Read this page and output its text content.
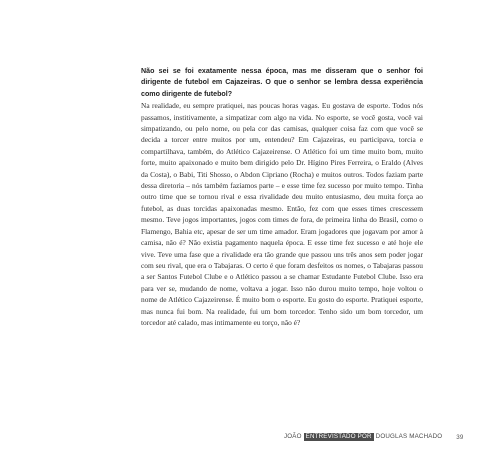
Não sei se foi exatamente nessa época, mas me disseram que o senhor foi dirigente de futebol em Cajazeiras. O que o senhor se lembra dessa experiência como dirigente de futebol?

Na realidade, eu sempre pratiquei, nas poucas horas vagas. Eu gostava de esporte. Todos nós passamos, institivamente, a simpatizar com algo na vida. No esporte, se você gosta, você vai simpatizando, ou pelo nome, ou pela cor das camisas, qualquer coisa faz com que você se decida a torcer entre muitos por um, entendeu? Em Cajazeiras, eu participava, torcia e compartilhava, também, do Atlético Cajazeirense. O Atlético foi um time muito bom, muito forte, muito apaixonado e muito bem dirigido pelo Dr. Hígino Pires Ferreira, o Eraldo (Alves da Costa), o Babi, Titi Shosso, o Abdon Cipriano (Rocha) e muitos outros. Todos faziam parte dessa diretoria – nós também fazíamos parte – e esse time fez sucesso por muito tempo. Tinha outro time que se tornou rival e essa rivalidade deu muito entusiasmo, deu muita força ao futebol, as duas torcidas apaixonadas mesmo. Então, fez com que esses times crescessem mesmo. Teve jogos importantes, jogos com times de fora, de primeira linha do Brasil, como o Flamengo, Bahia etc, apesar de ser um time amador. Eram jogadores que jogavam por amor à camisa, não é? Não existia pagamento naquela época. E esse time fez sucesso e até hoje ele vive. Teve uma fase que a rivalidade era tão grande que passou uns três anos sem poder jogar com seu rival, que era o Tabajaras. O certo é que foram desfeitos os nomes, o Tabajaras passou a ser Santos Futebol Clube e o Atlético passou a se chamar Estudante Futebol Clube. Isso era para ver se, mudando de nome, voltava a jogar. Isso não durou muito tempo, hoje voltou o nome de Atlético Cajazeirense. É muito bom o esporte. Eu gosto do esporte. Pratiquei esporte, mas nunca fui bom. Na realidade, fui um bom torcedor. Tenho sido um bom torcedor, um torcedor até calado, mas intimamente eu torço, não é?

JOÃO ENTREVISTADO POR DOUGLAS MACHADO	39
